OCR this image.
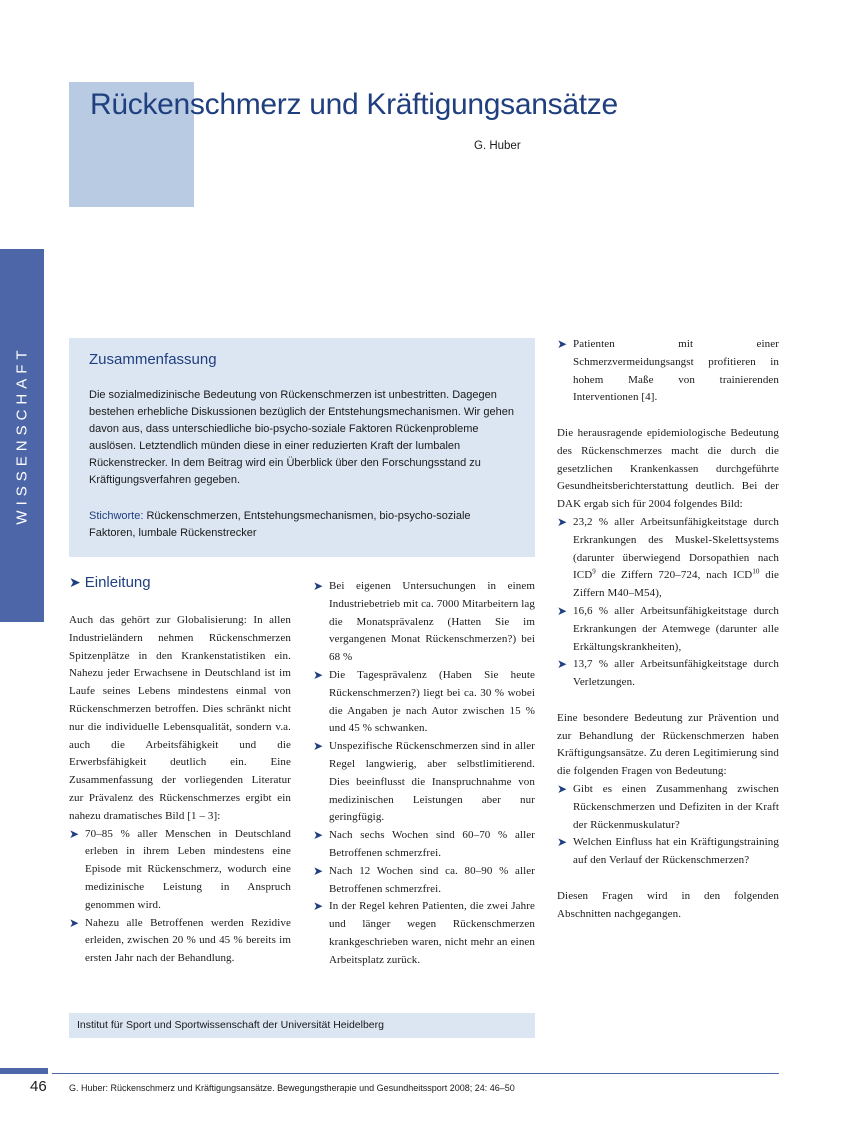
Rückenschmerz und Kräftigungsansätze
G. Huber
WISSENSCHAFT	Zusammenfassung
Die sozialmedizinische Bedeutung von Rückenschmerzen ist unbestritten. Dagegen bestehen erhebliche Diskussionen bezüglich der Entstehungsmechanismen. Wir gehen davon aus, dass unterschiedliche bio-psycho-soziale Faktoren Rückenprobleme auslösen. Letztendlich münden diese in einer reduzierten Kraft der lumbalen Rückenstrecker. In dem Beitrag wird ein Überblick über den Forschungsstand zu Kräftigungsverfahren gegeben.
Stichworte: Rückenschmerzen, Entstehungsmechanismen, bio-psycho-soziale Faktoren, lumbale Rückenstrecker
➤ Einleitung

Auch das gehört zur Globalisierung: In allen Industrieländern nehmen Rückenschmerzen Spitzenplätze in den Krankenstatistiken ein. Nahezu jeder Erwachsene in Deutschland ist im Laufe seines Lebens mindestens einmal von Rückenschmerzen betroffen. Dies schränkt nicht nur die individuelle Lebensqualität, sondern v.a. auch die Arbeitsfähigkeit und die Erwerbsfähigkeit deutlich ein. Eine Zusammenfassung der vorliegenden Literatur zur Prävalenz des Rückenschmerzes ergibt ein nahezu dramatisches Bild [1 – 3]:

➤ 70–85 % aller Menschen in Deutschland erleben in ihrem Leben mindestens eine Episode mit Rückenschmerz, wodurch eine medizinische Leistung in Anspruch genommen wird.
➤ Nahezu alle Betroffenen werden Rezidive erleiden, zwischen 20 % und 45 % bereits im ersten Jahr nach der Behandlung.
➤ Bei eigenen Untersuchungen in einem Industriebetrieb mit ca. 7000 Mitarbeitern lag die Monatsprävalenz (Hatten Sie im vergangenen Monat Rückenschmerzen?) bei 68 %
➤ Die Tagesprävalenz (Haben Sie heute Rückenschmerzen?) liegt bei ca. 30 % wobei die Angaben je nach Autor zwischen 15 % und 45 % schwanken.
➤ Unspezifische Rückenschmerzen sind in aller Regel langwierig, aber selbstlimitierend. Dies beeinflusst die Inanspruchnahme von medizinischen Leistungen aber nur geringfügig.
➤ Nach sechs Wochen sind 60–70 % aller Betroffenen schmerzfrei.
➤ Nach 12 Wochen sind ca. 80–90 % aller Betroffenen schmerzfrei.
➤ In der Regel kehren Patienten, die zwei Jahre und länger wegen Rückenschmerzen krankgeschrieben waren, nicht mehr an einen Arbeitsplatz zurück.
➤ Patienten mit einer Schmerzvermeidungsangst profitieren in hohem Maße von trainierenden Interventionen [4].

Die herausragende epidemiologische Bedeutung des Rückenschmerzes macht die durch die gesetzlichen Krankenkassen durchgeführte Gesundheitsberichterstattung deutlich. Bei der DAK ergab sich für 2004 folgendes Bild:

➤ 23,2 % aller Arbeitsunfähigkeitstage durch Erkrankungen des Muskel-Skelettsystems (darunter überwiegend Dorsopathien nach ICD$^9$ die Ziffern 720–724, nach ICD$^{10}$ die Ziffern M40–M54),
➤ 16,6 % aller Arbeitsunfähigkeitstage durch Erkrankungen der Atemwege (darunter alle Erkältungskrankheiten),
➤ 13,7 % aller Arbeitsunfähigkeitstage durch Verletzungen.

Eine besondere Bedeutung zur Prävention und zur Behandlung der Rückenschmerzen haben Kräftigungsansätze. Zu deren Legitimierung sind die folgenden Fragen von Bedeutung:

➤ Gibt es einen Zusammenhang zwischen Rückenschmerzen und Defiziten in der Kraft der Rückenmuskulatur?
➤ Welchen Einfluss hat ein Kräftigungstraining auf den Verlauf der Rückenschmerzen?

Diesen Fragen wird in den folgenden Abschnitten nachgegangen.

Institut für Sport und Sportwissenschaft der Universität Heidelberg
46 G. Huber: Rückenschmerz und Kräftigungsansätze. Bewegungstherapie und Gesundheitssport 2008; 24: 46–50
